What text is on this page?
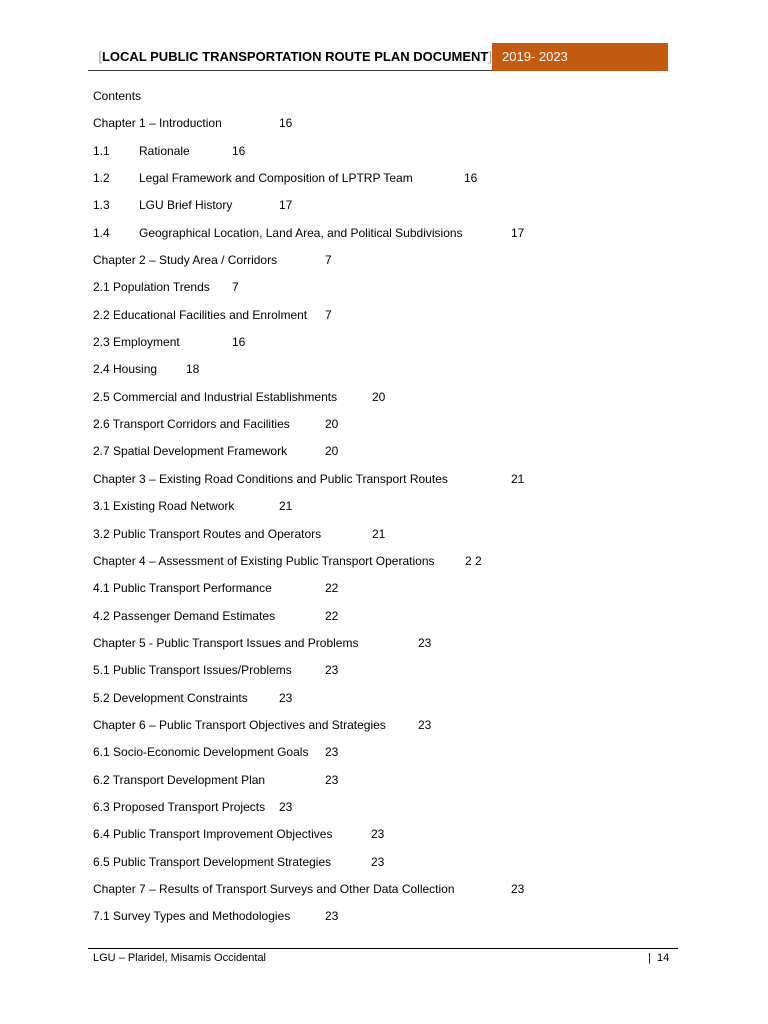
[LOCAL PUBLIC TRANSPORTATION ROUTE PLAN DOCUMENT] 2019- 2023
Contents
Chapter 1 – Introduction	16
1.1 Rationale	16
1.2 Legal Framework and Composition of LPTRP Team	16
1.3 LGU Brief History	17
1.4 Geographical Location, Land Area, and Political Subdivisions	17
Chapter 2 – Study Area / Corridors	7
2.1 Population Trends 7
2.2 Educational Facilities and Enrolment 7
2.3 Employment	16
2.4 Housing 18
2.5 Commercial and Industrial Establishments	20
2.6 Transport Corridors and Facilities	20
2.7 Spatial Development Framework	20
Chapter 3 – Existing Road Conditions and Public Transport Routes	21
3.1 Existing Road Network	21
3.2 Public Transport Routes and Operators	21
Chapter 4 – Assessment of Existing Public Transport Operations	2 2
4.1 Public Transport Performance	22
4.2 Passenger Demand Estimates	22
Chapter 5 - Public Transport Issues and Problems	23
5.1 Public Transport Issues/Problems	23
5.2 Development Constraints	23
Chapter 6 – Public Transport Objectives and Strategies	23
6.1 Socio-Economic Development Goals 23
6.2 Transport Development Plan	23
6.3 Proposed Transport Projects 23
6.4 Public Transport Improvement Objectives	23
6.5 Public Transport Development Strategies	23
Chapter 7 – Results of Transport Surveys and Other Data Collection	23
7.1 Survey Types and Methodologies	23
LGU – Plaridel, Misamis Occidental	| 14
